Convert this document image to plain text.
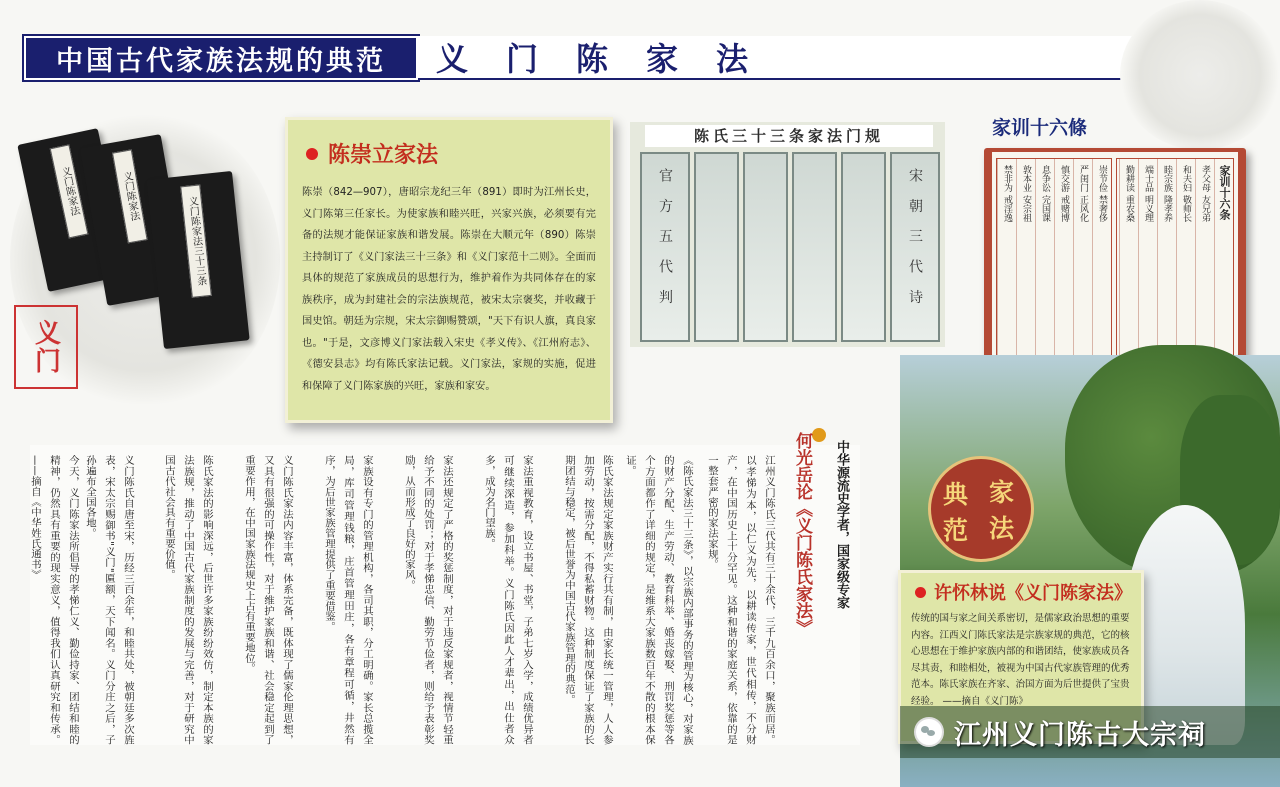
中国古代家族法规的典范	义门陈家法
义门陈家法	义门陈家法	义门陈家法三十三条
义门
陈崇立家法
陈崇（842—907），唐昭宗龙纪三年（891）即时为江州长史，义门陈第三任家长。为使家族和睦兴旺，兴家兴族，必须要有完备的法规才能保证家族和谐发展。陈崇在大顺元年（890）陈崇主持制订了《义门家法三十三条》和《义门家范十二则》。全面而具体的规范了家族成员的思想行为，维护着作为共同体存在的家族秩序，成为封建社会的宗法族规范，被宋太宗褒奖，并收藏于国史馆。朝廷为宗规，宋太宗御赐赞颂，"天下有识人旗，真良家也。"于是，文彦博义门家法载入宋史《孝义传》、《江州府志》、《德安县志》均有陈氏家法记载。义门家法，家规的实施，促进和保障了义门陈家族的兴旺，家族和家安。
陈氏三十三条家法门规
官 方 五 代 判	宋 朝 三 代 诗
家训十六條
家训十六条
孝父母 友兄弟
和夫妇 敬师长
睦宗族 隆孝养
端士品 明义理
勤耕读 重农桑
崇节俭 禁奢侈
严闺门 正风化
慎交游 戒赌博
息争讼 完国课
敦本业 安宗祖
禁非为 戒淫逸
中华源流史学者，国家级专家
何光岳论《义门陈氏家法》
江州义门陈氏三代共有三十余代，三千九百余口，聚族而居。以孝悌为本，以仁义为先，以耕读传家，世代相传，不分财产，在中国历史上十分罕见。这种和谐的家庭关系，依靠的是一整套严密的家法家规。
《陈氏家法三十三条》，以宗族内部事务的管理为核心，对家族的财产分配、生产劳动、教育科举、婚丧嫁娶、刑罚奖惩等各个方面都作了详细的规定，是维系大家族数百年不散的根本保证。
陈氏家法规定家族财产实行共有制，由家长统一管理，人人参加劳动，按需分配，不得私蓄财物。这种制度保证了家族的长期团结与稳定，被后世誉为中国古代家族管理的典范。
家法重视教育，设立书屋、书堂，子弟七岁入学，成绩优异者可继续深造，参加科举。义门陈氏因此人才辈出，出仕者众多，成为名门望族。
家法还规定了严格的奖惩制度，对于违反家规者，视情节轻重给予不同的处罚；对于孝悌忠信、勤劳节俭者，则给予表彰奖励，从而形成了良好的家风。
家族设有专门的管理机构，各司其职，分工明确。家长总揽全局，库司管理钱粮，庄首管理田庄，各有章程可循，井然有序，为后世家族管理提供了重要借鉴。
义门陈氏家法内容丰富，体系完备，既体现了儒家伦理思想，又具有很强的可操作性，对于维护家族和谐、社会稳定起到了重要作用，在中国家族法规史上占有重要地位。
陈氏家法的影响深远，后世许多家族纷纷效仿，制定本族的家法族规，推动了中国古代家族制度的发展与完善，对于研究中国古代社会具有重要价值。
义门陈氏自唐至宋，历经三百余年，和睦共处，被朝廷多次旌表，宋太宗赐御书"义门"匾额，天下闻名。义门分庄之后，子孙遍布全国各地。
今天，义门陈家法所倡导的孝悌仁义、勤俭持家、团结和睦的精神，仍然具有重要的现实意义，值得我们认真研究和传承。——摘自《中华姓氏通书》	典
范
家
法
许怀林说《义门陈家法》
传统的国与家之间关系密切，是儒家政治思想的重要内容。江西义门陈氏家法是宗族家规的典范，它的核心思想在于维护家族内部的和谐团结，使家族成员各尽其责，和睦相处，被视为中国古代家族管理的优秀范本。陈氏家族在齐家、治国方面为后世提供了宝贵经验。 ——摘自《义门陈》
江州义门陈古大宗祠
